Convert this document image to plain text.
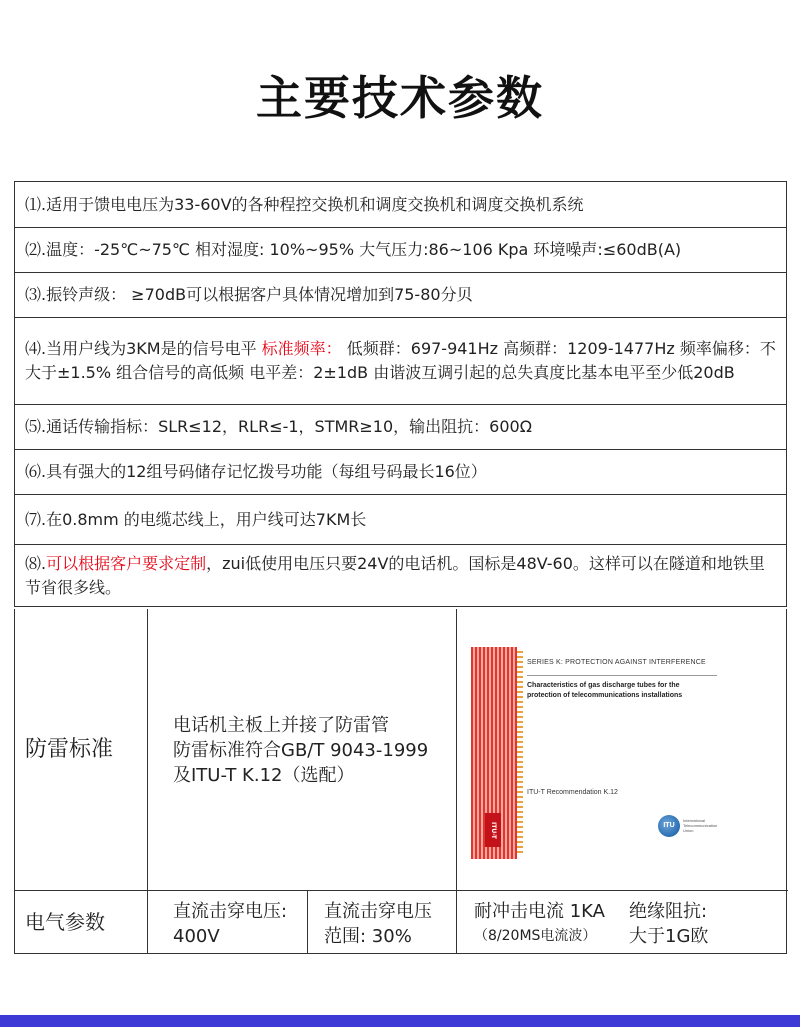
主要技术参数
⑴.适用于馈电电压为33-60V的各种程控交换机和调度交换机和调度交换机系统
⑵.温度：-25℃~75℃ 相对湿度: 10%~95% 大气压力:86~106 Kpa 环境噪声:≤60dB(A)
⑶.振铃声级： ≥70dB可以根据客户具体情况增加到75-80分贝
⑷.当用户线为3KM是的信号电平 标准频率： 低频群：697-941Hz 高频群：1209-1477Hz 频率偏移：不大于±1.5% 组合信号的高低频 电平差：2±1dB 由谐波互调引起的总失真度比基本电平至少低20dB
⑸.通话传输指标：SLR≤12，RLR≤-1，STMR≥10，输出阻抗：600Ω
⑹.具有强大的12组号码储存记忆拨号功能（每组号码最长16位）
⑺.在0.8mm 的电缆芯线上，用户线可达7KM长
⑻.可以根据客户要求定制，zui低使用电压只要24V的电话机。国标是48V-60。这样可以在隧道和地铁里节省很多线。
防雷标准
电话机主板上并接了防雷管
防雷标准符合GB/T 9043-1999
及ITU-T K.12（选配）
ITU-T
SERIES K: PROTECTION AGAINST INTERFERENCE
Characteristics of gas discharge tubes for the protection of telecommunications installations
ITU-T Recommendation K.12
ITU
International Telecommunication Union
电气参数	直流击穿电压:
400V
直流击穿电压
范围: 30%
耐冲击电流 1KA
（8/20MS电流波）
绝缘阻抗:
大于1G欧
